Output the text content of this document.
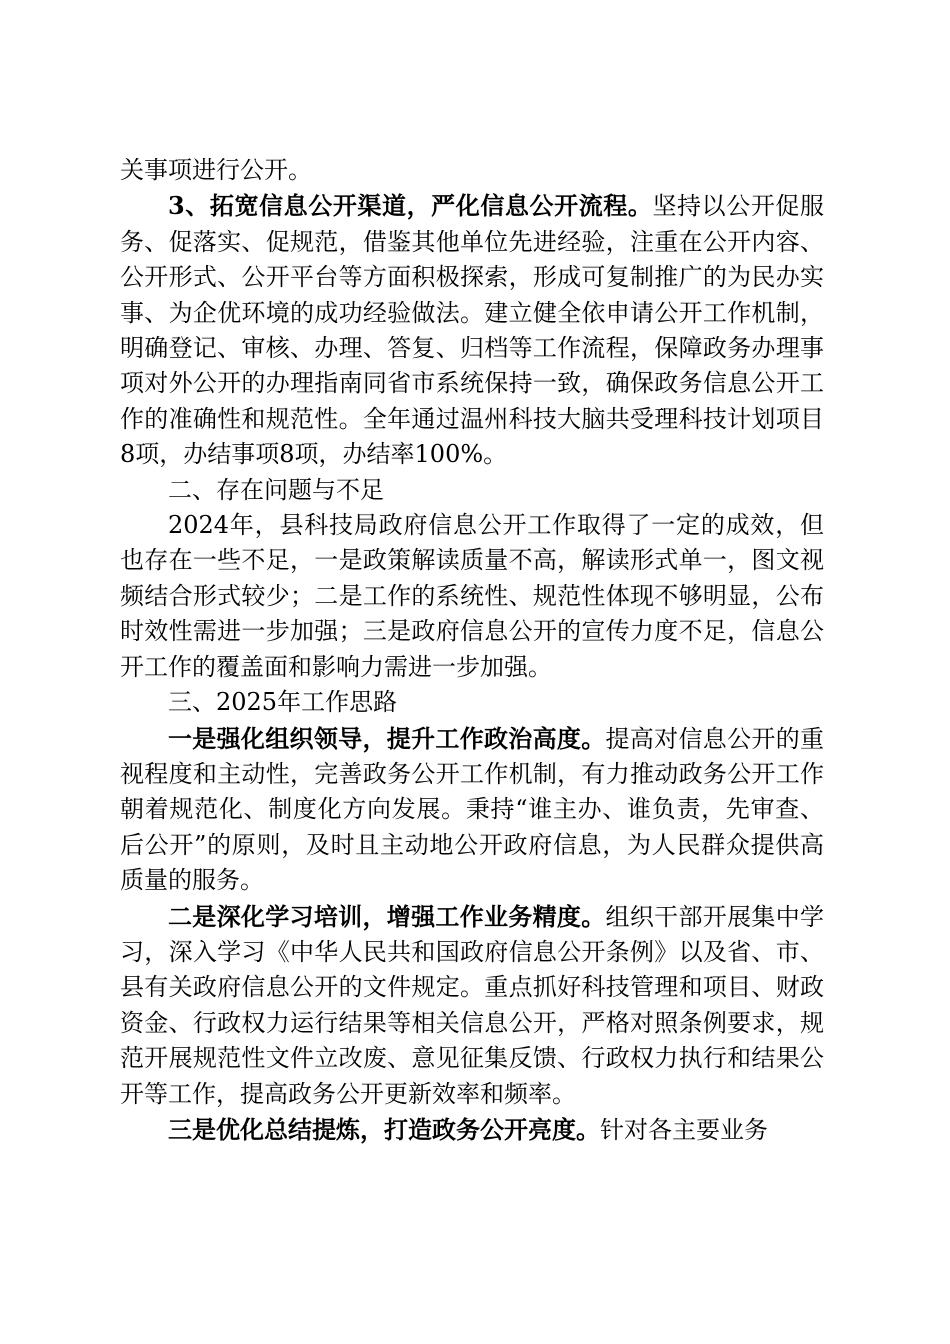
关事项进行公开。

3、拓宽信息公开渠道，严化信息公开流程。坚持以公开促服务、促落实、促规范，借鉴其他单位先进经验，注重在公开内容、公开形式、公开平台等方面积极探索，形成可复制推广的为民办实事、为企优环境的成功经验做法。建立健全依申请公开工作机制，明确登记、审核、办理、答复、归档等工作流程，保障政务办理事项对外公开的办理指南同省市系统保持一致，确保政务信息公开工作的准确性和规范性。全年通过温州科技大脑共受理科技计划项目8项，办结事项8项，办结率100%。

二、存在问题与不足

2024年，县科技局政府信息公开工作取得了一定的成效，但也存在一些不足，一是政策解读质量不高，解读形式单一，图文视频结合形式较少；二是工作的系统性、规范性体现不够明显，公布时效性需进一步加强；三是政府信息公开的宣传力度不足，信息公开工作的覆盖面和影响力需进一步加强。

三、2025年工作思路

一是强化组织领导，提升工作政治高度。提高对信息公开的重视程度和主动性，完善政务公开工作机制，有力推动政务公开工作朝着规范化、制度化方向发展。秉持“谁主办、谁负责，先审查、后公开”的原则，及时且主动地公开政府信息，为人民群众提供高质量的服务。

二是深化学习培训，增强工作业务精度。组织干部开展集中学习，深入学习《中华人民共和国政府信息公开条例》以及省、市、县有关政府信息公开的文件规定。重点抓好科技管理和项目、财政资金、行政权力运行结果等相关信息公开，严格对照条例要求，规范开展规范性文件立改废、意见征集反馈、行政权力执行和结果公开等工作，提高政务公开更新效率和频率。

三是优化总结提炼，打造政务公开亮度。针对各主要业务
